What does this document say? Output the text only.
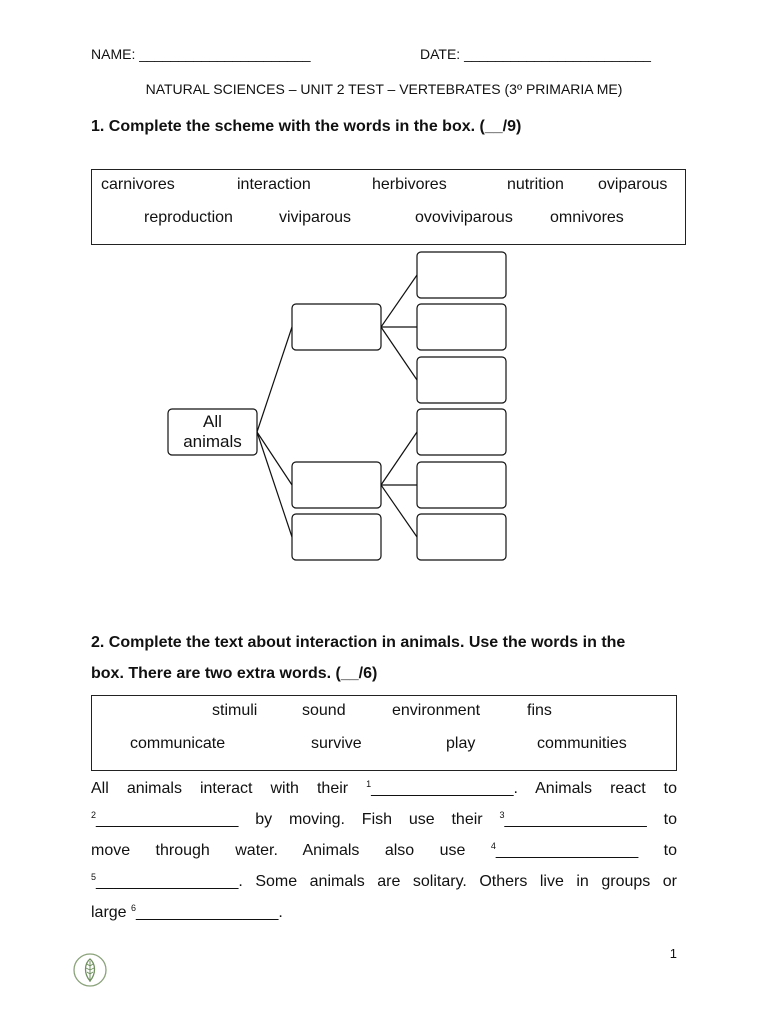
NAME: ______________________	DATE: ________________________
NATURAL SCIENCES – UNIT 2 TEST – VERTEBRATES (3º PRIMARIA ME)
1. Complete the scheme with the words in the box. (__/9)
carnivores	interaction	herbivores	nutrition oviparous
reproduction	viviparous	ovoviviparous omnivores
All
animals
2. Complete the text about interaction in animals. Use the words in the
box. There are two extra words. (__/6)
stimuli	sound	environment	fins
communicate	survive	play	communities
All animals interact with their $^1$________________. Animals react to
$^2$________________ by moving. Fish use their $^3$________________ to
move through water. Animals also use $^4$________________ to
$^5$________________. Some animals are solitary. Others live in groups or
large $^6$________________.
1
